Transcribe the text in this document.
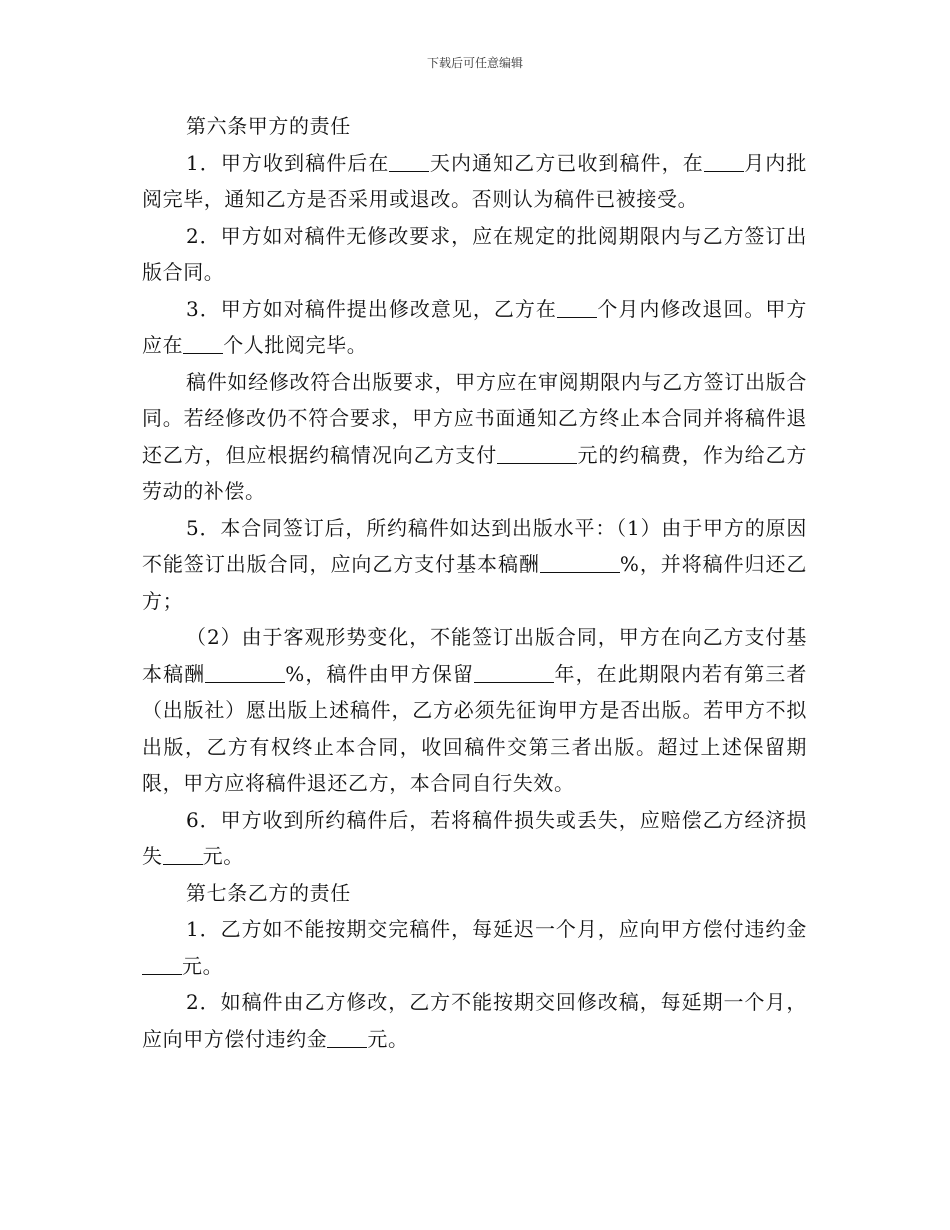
下载后可任意编辑

第六条甲方的责任

1．甲方收到稿件后在 天内通知乙方已收到稿件，在 月内批阅完毕，通知乙方是否采用或退改。否则认为稿件已被接受。

2．甲方如对稿件无修改要求，应在规定的批阅期限内与乙方签订出版合同。

3．甲方如对稿件提出修改意见，乙方在 个月内修改退回。甲方应在 个人批阅完毕。

稿件如经修改符合出版要求，甲方应在审阅期限内与乙方签订出版合同。若经修改仍不符合要求，甲方应书面通知乙方终止本合同并将稿件退还乙方，但应根据约稿情况向乙方支付	元的约稿费，作为给乙方劳动的补偿。

5．本合同签订后，所约稿件如达到出版水平：（1）由于甲方的原因不能签订出版合同，应向乙方支付基本稿酬	%，并将稿件归还乙方；

（2）由于客观形势变化，不能签订出版合同，甲方在向乙方支付基本稿酬	%，稿件由甲方保留	年，在此期限内若有第三者（出版社）愿出版上述稿件，乙方必须先征询甲方是否出版。若甲方不拟出版，乙方有权终止本合同，收回稿件交第三者出版。超过上述保留期限，甲方应将稿件退还乙方，本合同自行失效。

6．甲方收到所约稿件后，若将稿件损失或丢失，应赔偿乙方经济损失 元。

第七条乙方的责任

1．乙方如不能按期交完稿件，每延迟一个月，应向甲方偿付违约金元。

2．如稿件由乙方修改，乙方不能按期交回修改稿，每延期一个月，应向甲方偿付违约金 元。
